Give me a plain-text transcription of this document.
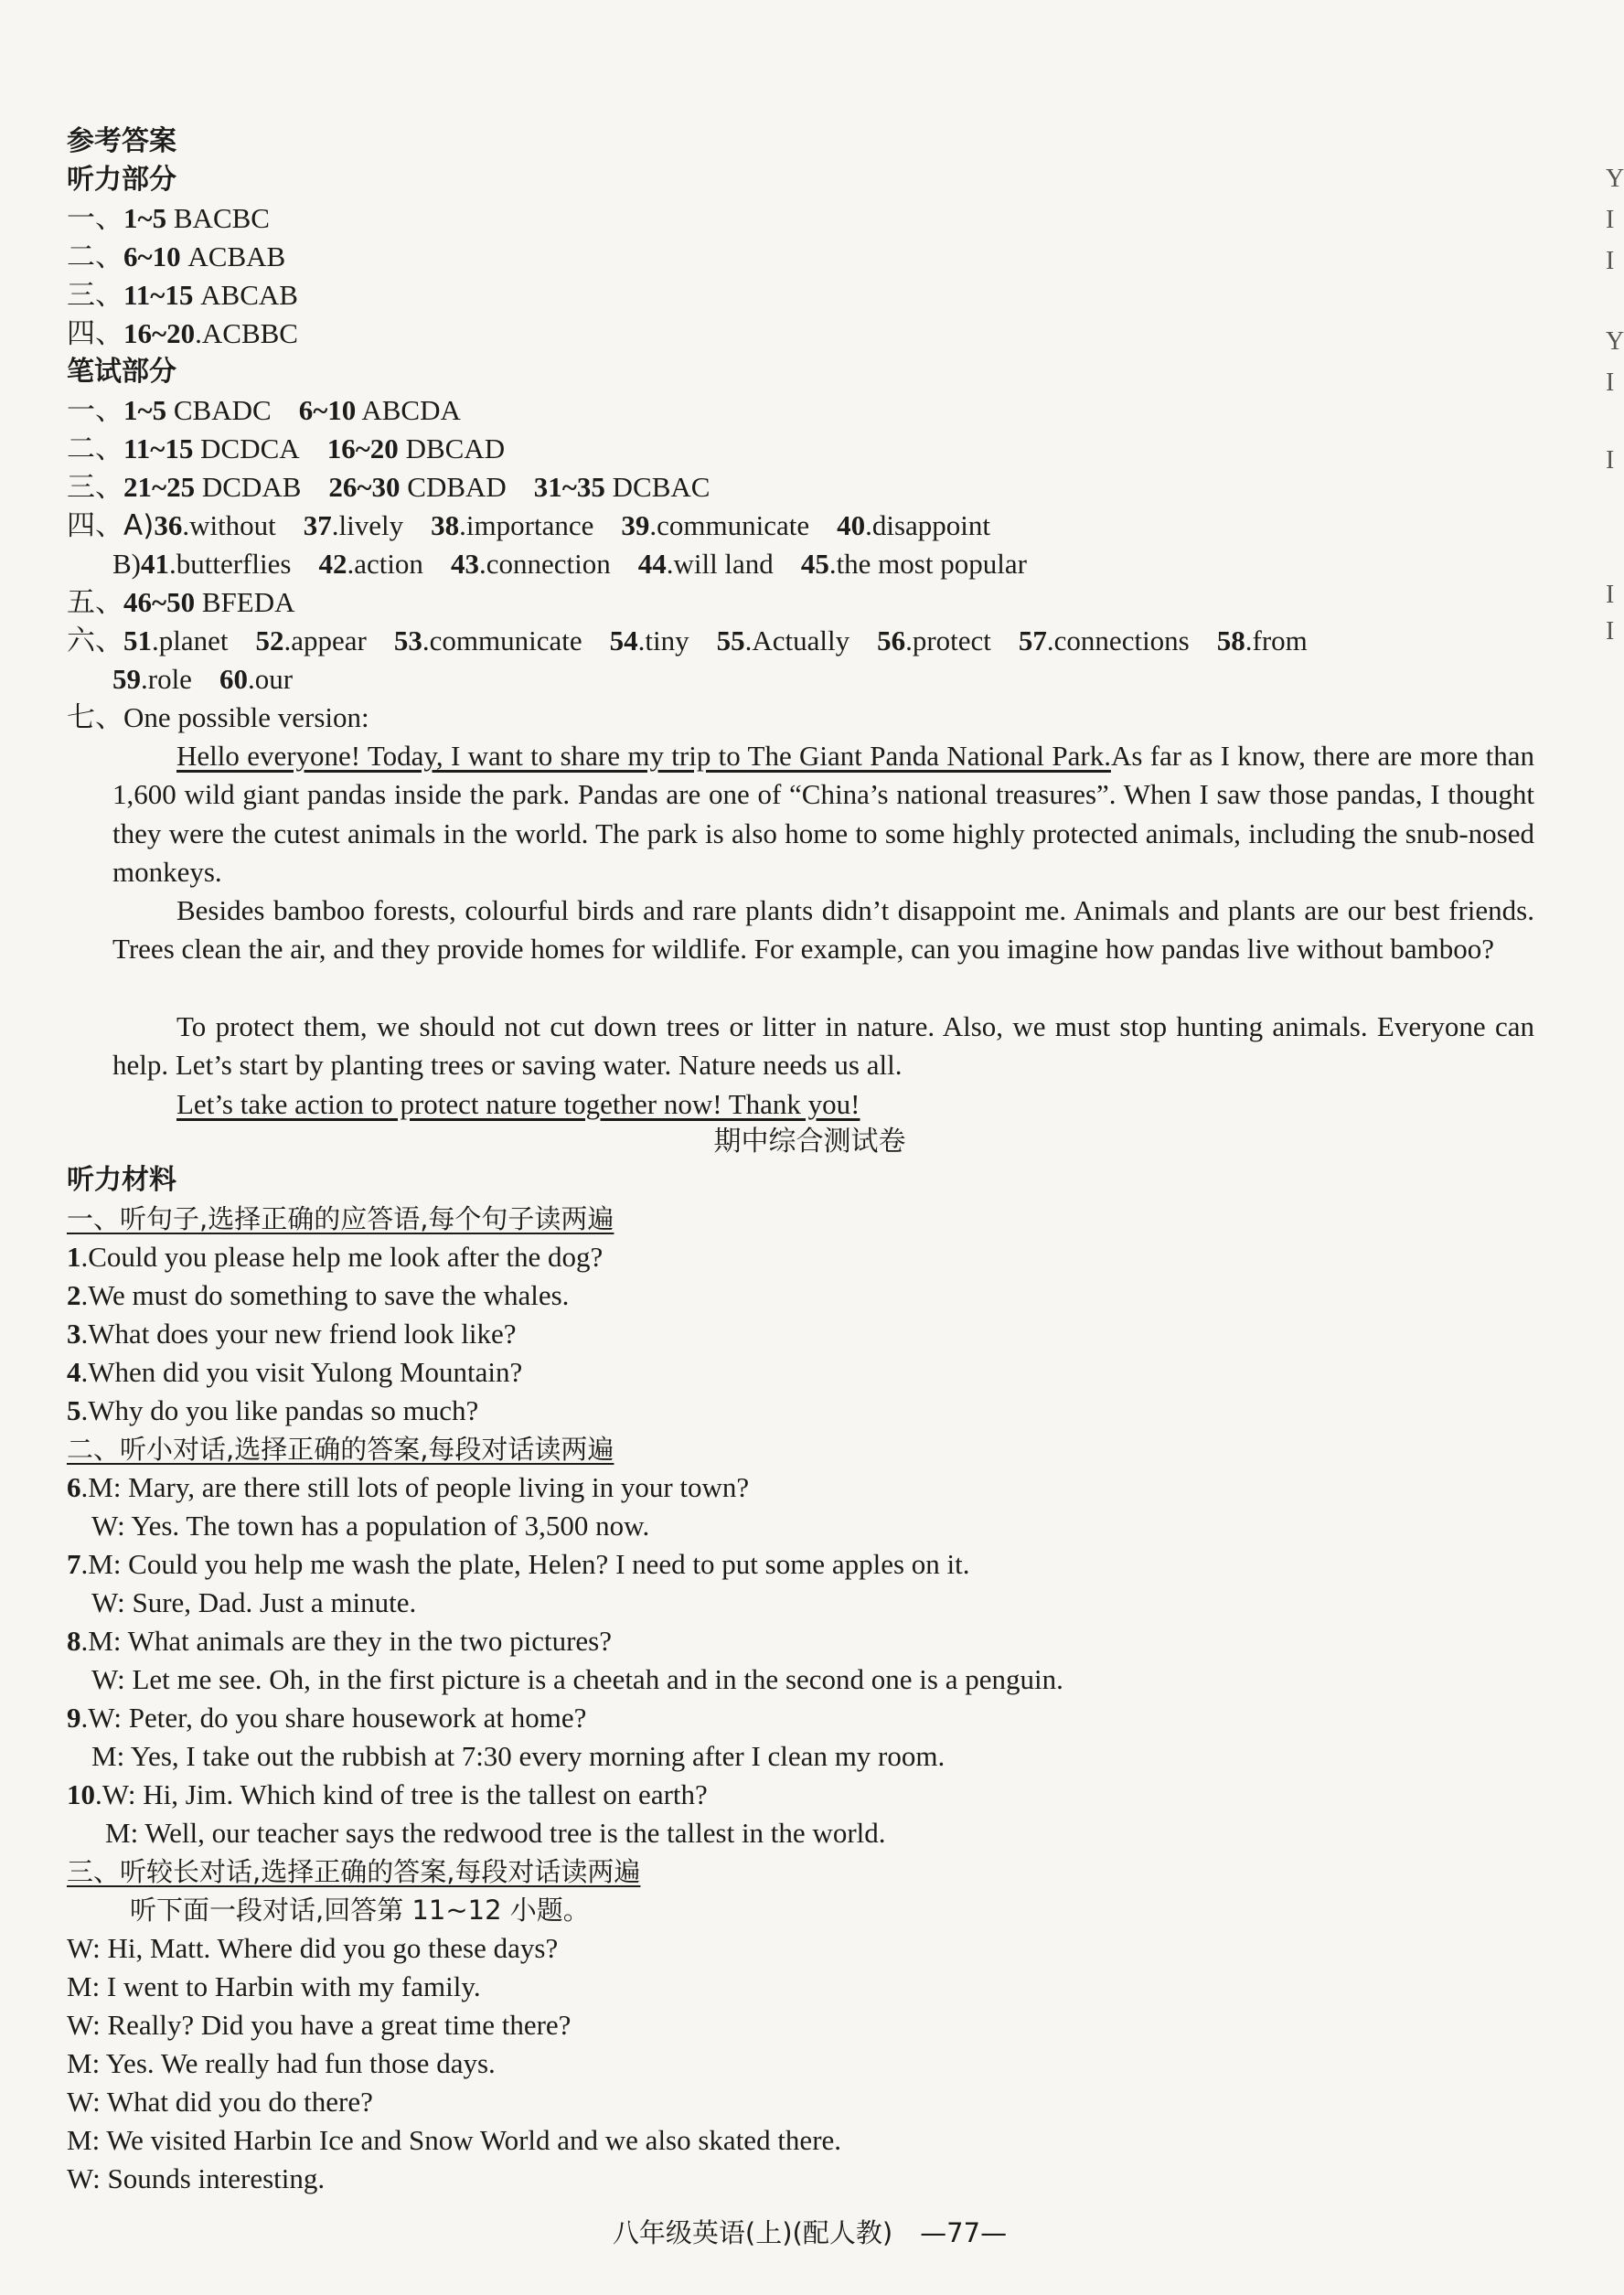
参考答案
听力部分
一、1~5 BACBC
二、6~10 ACBAB
三、11~15 ABCAB
四、16~20.ACBBC
笔试部分
一、1~5 CBADC 6~10 ABCDA
二、11~15 DCDCA 16~20 DBCAD
三、21~25 DCDAB 26~30 CDBAD 31~35 DCBAC
四、A)36.without 37.lively 38.importance 39.communicate 40.disappoint
B)41.butterflies 42.action 43.connection 44.will land 45.the most popular
五、46~50 BFEDA
六、51.planet 52.appear 53.communicate 54.tiny 55.Actually 56.protect 57.connections 58.from
59.role 60.our
七、One possible version:
Hello everyone! Today, I want to share my trip to The Giant Panda National Park.As far as I know, there are more than 1,600 wild giant pandas inside the park. Pandas are one of “China’s national treasures”. When I saw those pandas, I thought they were the cutest animals in the world. The park is also home to some highly protected animals, including the snub-nosed monkeys.
Besides bamboo forests, colourful birds and rare plants didn’t disappoint me. Animals and plants are our best friends. Trees clean the air, and they provide homes for wildlife. For example, can you imagine how pandas live without bamboo?
To protect them, we should not cut down trees or litter in nature. Also, we must stop hunting animals. Everyone can help. Let’s start by planting trees or saving water. Nature needs us all.
Let’s take action to protect nature together now! Thank you!
期中综合测试卷
听力材料
一、听句子,选择正确的应答语,每个句子读两遍
1.Could you please help me look after the dog?
2.We must do something to save the whales.
3.What does your new friend look like?
4.When did you visit Yulong Mountain?
5.Why do you like pandas so much?
二、听小对话,选择正确的答案,每段对话读两遍
6.M: Mary, are there still lots of people living in your town?
W: Yes. The town has a population of 3,500 now.
7.M: Could you help me wash the plate, Helen? I need to put some apples on it.
W: Sure, Dad. Just a minute.
8.M: What animals are they in the two pictures?
W: Let me see. Oh, in the first picture is a cheetah and in the second one is a penguin.
9.W: Peter, do you share housework at home?
M: Yes, I take out the rubbish at 7:30 every morning after I clean my room.
10.W: Hi, Jim. Which kind of tree is the tallest on earth?
M: Well, our teacher says the redwood tree is the tallest in the world.
三、听较长对话,选择正确的答案,每段对话读两遍
听下面一段对话,回答第 11~12 小题。
W: Hi, Matt. Where did you go these days?
M: I went to Harbin with my family.
W: Really? Did you have a great time there?
M: Yes. We really had fun those days.
W: What did you do there?
M: We visited Harbin Ice and Snow World and we also skated there.
W: Sounds interesting.
八年级英语(上)(配人教) —77—
Y
I
I
Y
I
I
I
I
